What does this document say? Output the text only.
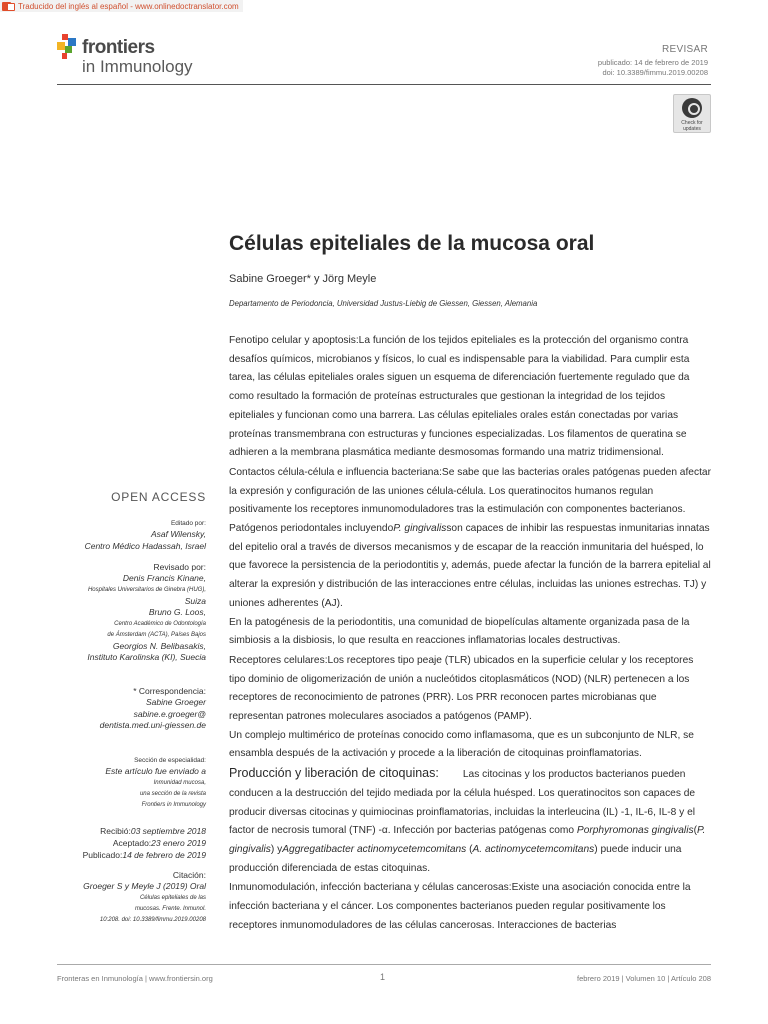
Traducido del inglés al español - www.onlinedoctranslator.com
frontiers
in Immunology
REVISAR
publicado: 14 de febrero de 2019
doi: 10.3389/fimmu.2019.00208
Check for
updates
Células epiteliales de la mucosa oral
Sabine Groeger* y Jörg Meyle
Departamento de Periodoncia, Universidad Justus-Liebig de Giessen, Giessen, Alemania

Fenotipo celular y apoptosis:La función de los tejidos epiteliales es la protección del organismo contra desafíos químicos, microbianos y físicos, lo cual es indispensable para la viabilidad. Para cumplir esta tarea, las células epiteliales orales siguen un esquema de diferenciación fuertemente regulado que da como resultado la formación de proteínas estructurales que gestionan la integridad de los tejidos epiteliales y funcionan como una barrera. Las células epiteliales orales están conectadas por varias proteínas transmembrana con estructuras y funciones especializadas. Los filamentos de queratina se adhieren a la membrana plasmática mediante desmosomas formando una matriz tridimensional.

Contactos célula-célula e influencia bacteriana:Se sabe que las bacterias orales patógenas pueden afectar la expresión y configuración de las uniones célula-célula. Los queratinocitos humanos regulan positivamente los receptores inmunomoduladores tras la estimulación con componentes bacterianos. Patógenos periodontales incluyendoP. gingivalisson capaces de inhibir las respuestas inmunitarias innatas del epitelio oral a través de diversos mecanismos y de escapar de la reacción inmunitaria del huésped, lo que favorece la persistencia de la periodontitis y, además, puede afectar la función de la barrera epitelial al alterar la expresión y distribución de las interacciones entre células, incluidas las uniones estrechas. TJ) y uniones adherentes (AJ).

En la patogénesis de la periodontitis, una comunidad de biopelículas altamente organizada pasa de la simbiosis a la disbiosis, lo que resulta en reacciones inflamatorias locales destructivas.

Receptores celulares:Los receptores tipo peaje (TLR) ubicados en la superficie celular y los receptores tipo dominio de oligomerización de unión a nucleótidos citoplasmáticos (NOD) (NLR) pertenecen a los receptores de reconocimiento de patrones (PRR). Los PRR reconocen partes microbianas que representan patrones moleculares asociados a patógenos (PAMP).

Un complejo multimérico de proteínas conocido como inflamasoma, que es un subconjunto de NLR, se ensambla después de la activación y procede a la liberación de citoquinas proinflamatorias.

Producción y liberación de citoquinas: Las citocinas y los productos bacterianos pueden conducen a la destrucción del tejido mediada por la célula huésped. Los queratinocitos son capaces de producir diversas citocinas y quimiocinas proinflamatorias, incluidas la interleucina (IL) -1, IL-6, IL-8 y el factor de necrosis tumoral (TNF) -α. Infección por bacterias patógenas como Porphyromonas gingivalis(P. gingivalis) yAggregatibacter actinomycetemcomitans (A. actinomycetemcomitans) puede inducir una producción diferenciada de estas citoquinas.

Inmunomodulación, infección bacteriana y células cancerosas:Existe una asociación conocida entre la infección bacteriana y el cáncer. Los componentes bacterianos pueden regular positivamente los receptores inmunomoduladores de las células cancerosas. Interacciones de bacterias

OPEN ACCESS
Editado por:
Asaf Wilensky,
Centro Médico Hadassah, Israel
Revisado por:
Denis Francis Kinane,
Hospitales Universitarios de Ginebra (HUG),
Suiza
Bruno G. Loos,
Centro Académico de Odontología
de Ámsterdam (ACTA), Países Bajos
Georgios N. Belibasakis,
Instituto Karolinska (KI), Suecia
* Correspondencia:
Sabine Groeger
sabine.e.groeger@
dentista.med.uni-giessen.de
Sección de especialidad:
Este artículo fue enviado a
Inmunidad mucosa,
una sección de la revista
Frontiers in Immunology
Recibió:03 septiembre 2018
Aceptado:23 enero 2019
Publicado:14 de febrero de 2019
Citación:
Groeger S y Meyle J (2019) Oral
Células epiteliales de las
mucosas. Frente. Inmunol.
10:208. doi: 10.3389/fimmu.2019.00208
Fronteras en Inmunología | www.frontiersin.org	1	febrero 2019 | Volumen 10 | Artículo 208
